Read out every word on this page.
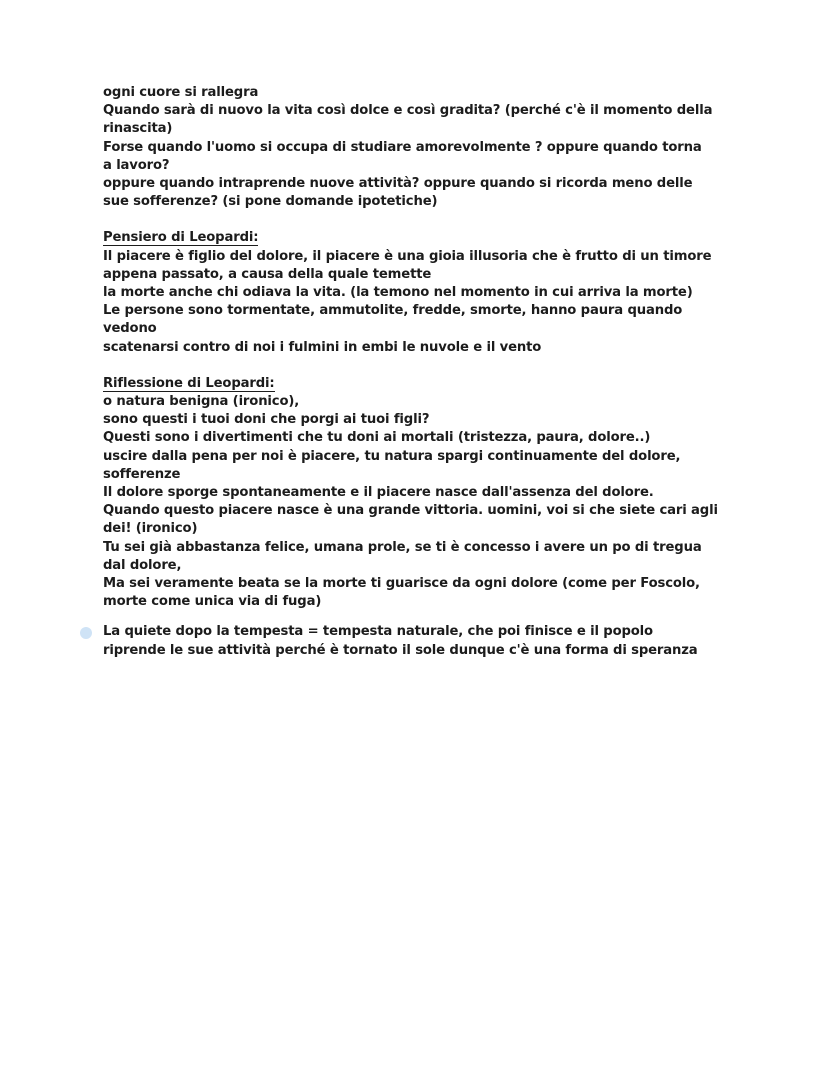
ogni cuore si rallegra
Quando sarà di nuovo la vita così dolce e così gradita? (perché c'è il momento della
rinascita)
Forse quando l'uomo si occupa di studiare amorevolmente ? oppure quando torna
a lavoro?
oppure quando intraprende nuove attività? oppure quando si ricorda meno delle
sue sofferenze? (si pone domande ipotetiche)
Pensiero di Leopardi:
Il piacere è figlio del dolore, il piacere è una gioia illusoria che è frutto di un timore
appena passato, a causa della quale temette
la morte anche chi odiava la vita. (la temono nel momento in cui arriva la morte)
Le persone sono tormentate, ammutolite, fredde, smorte, hanno paura quando
vedono
scatenarsi contro di noi i fulmini in embi le nuvole e il vento
Riflessione di Leopardi:
o natura benigna (ironico),
sono questi i tuoi doni che porgi ai tuoi figli?
Questi sono i divertimenti che tu doni ai mortali (tristezza, paura, dolore..)
uscire dalla pena per noi è piacere, tu natura spargi continuamente del dolore,
sofferenze
Il dolore sporge spontaneamente e il piacere nasce dall'assenza del dolore.
Quando questo piacere nasce è una grande vittoria. uomini, voi si che siete cari agli
dei! (ironico)
Tu sei già abbastanza felice, umana prole, se ti è concesso i avere un po di tregua
dal dolore,
Ma sei veramente beata se la morte ti guarisce da ogni dolore (come per Foscolo,
morte come unica via di fuga)
La quiete dopo la tempesta = tempesta naturale, che poi finisce e il popolo
riprende le sue attività perché è tornato il sole dunque c'è una forma di speranza
